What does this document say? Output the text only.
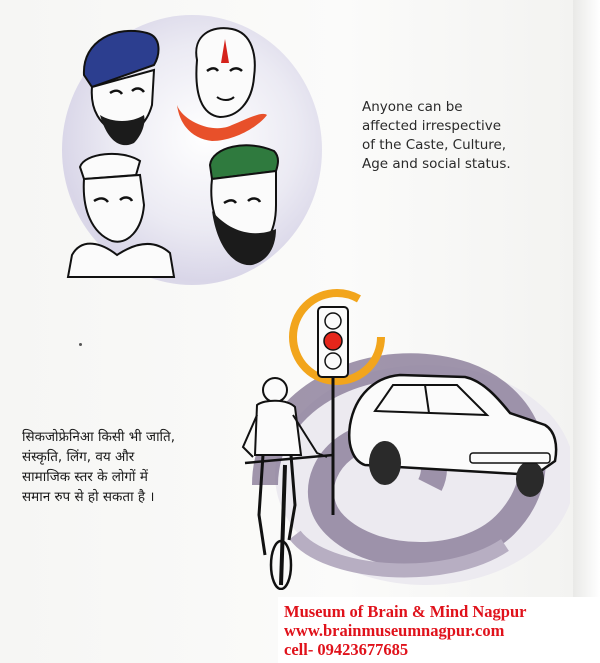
Anyone can be
affected irrespective
of the Caste, Culture,
Age and social status.

सिकजोफ्रेनिआ किसी भी जाति,
संस्कृति, लिंग, वय और
सामाजिक स्तर के लोगों में
समान रुप से हो सकता है ।

Museum of Brain & Mind Nagpur
www.brainmuseumnagpur.com
cell- 09423677685
